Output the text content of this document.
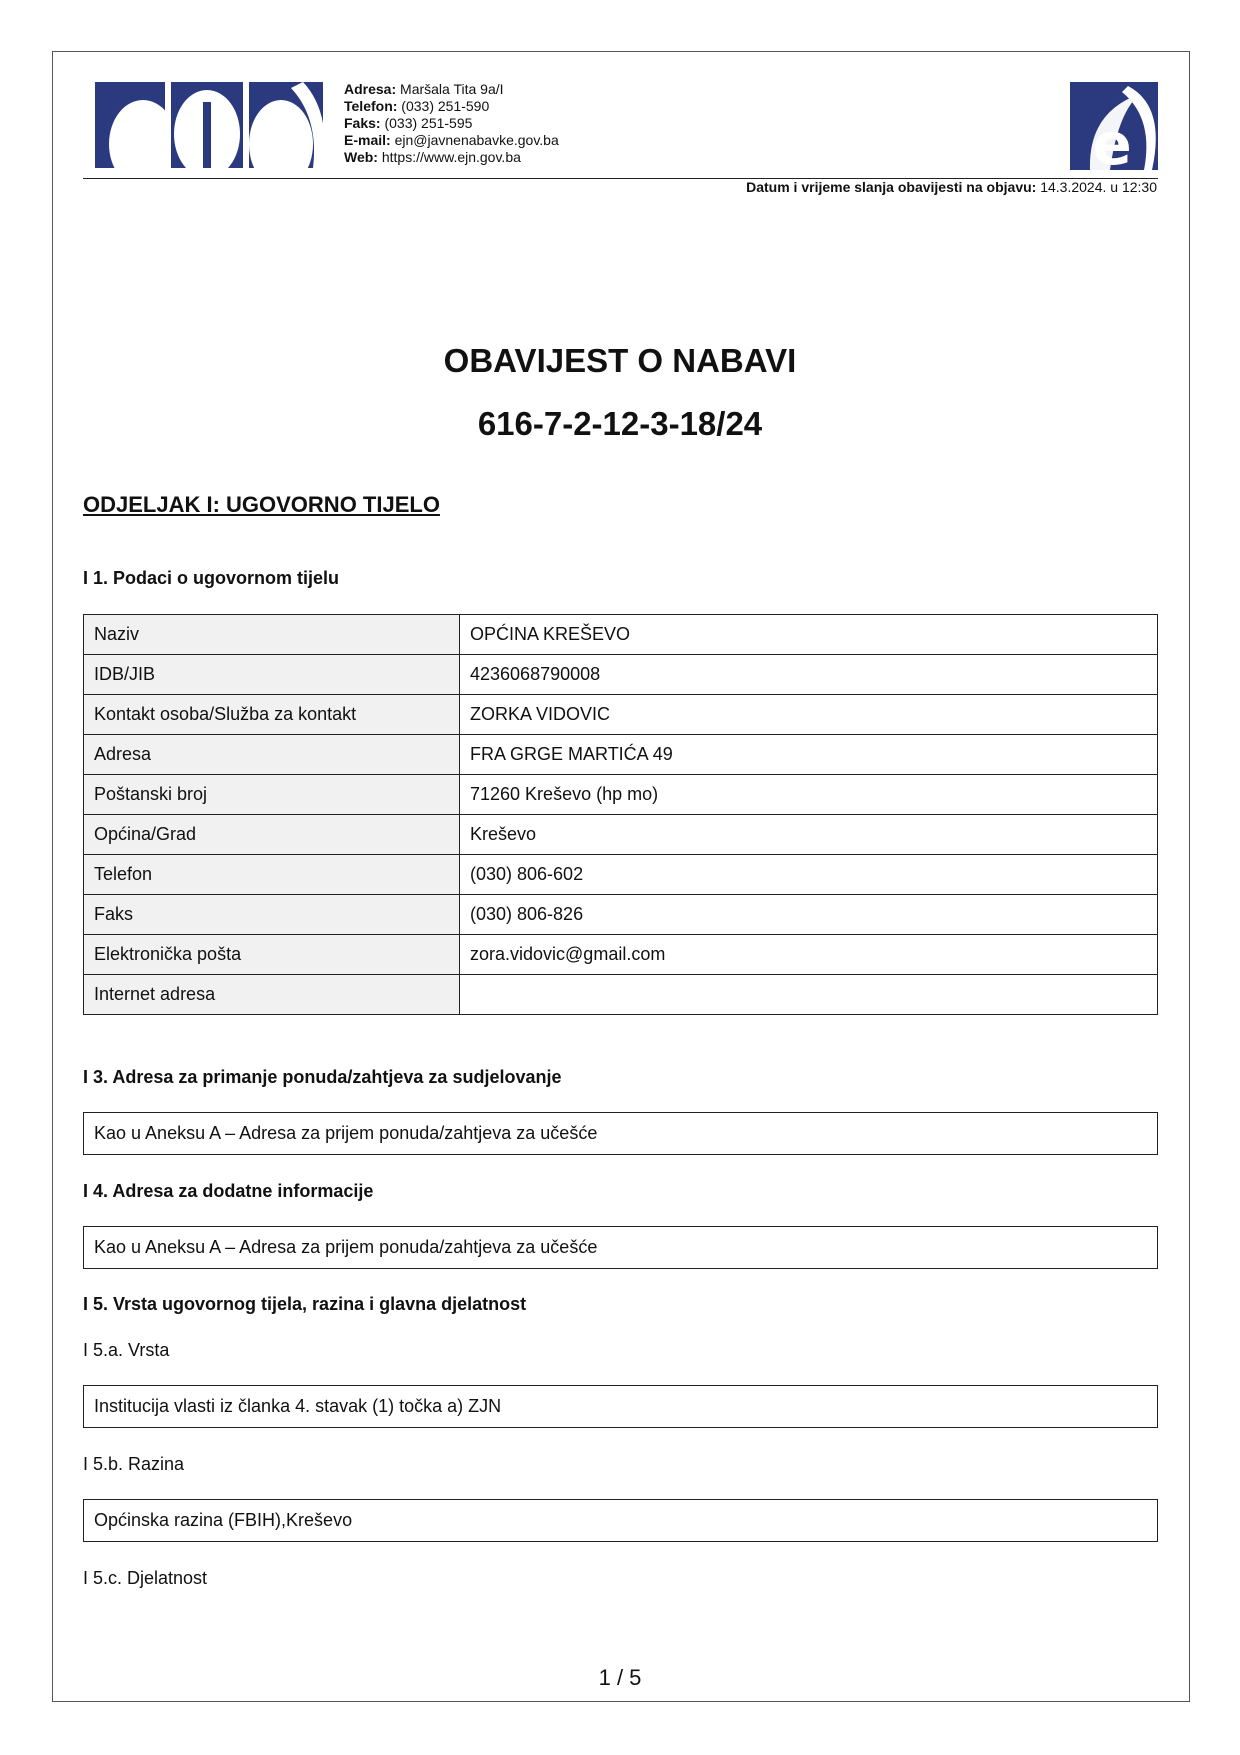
Adresa: Maršala Tita 9a/I
Telefon: (033) 251-590
Faks: (033) 251-595
E-mail: ejn@javnenabavke.gov.ba
Web: https://www.ejn.gov.ba	e
Datum i vrijeme slanja obavijesti na objavu: 14.3.2024. u 12:30
OBAVIJEST O NABAVI
616-7-2-12-3-18/24
ODJELJAK I: UGOVORNO TIJELO
I 1. Podaci o ugovornom tijelu
Naziv	OPĆINA KREŠEVO
IDB/JIB	4236068790008
Kontakt osoba/Služba za kontakt	ZORKA VIDOVIC
Adresa	FRA GRGE MARTIĆA 49
Poštanski broj	71260 Kreševo (hp mo)
Općina/Grad	Kreševo
Telefon	(030) 806-602
Faks	(030) 806-826
Elektronička pošta	zora.vidovic@gmail.com
Internet adresa	
I 3. Adresa za primanje ponuda/zahtjeva za sudjelovanje
Kao u Aneksu A – Adresa za prijem ponuda/zahtjeva za učešće
I 4. Adresa za dodatne informacije
Kao u Aneksu A – Adresa za prijem ponuda/zahtjeva za učešće
I 5. Vrsta ugovornog tijela, razina i glavna djelatnost
I 5.a. Vrsta
Institucija vlasti iz članka 4. stavak (1) točka a) ZJN
I 5.b. Razina
Općinska razina (FBIH),Kreševo
I 5.c. Djelatnost
1 / 5
